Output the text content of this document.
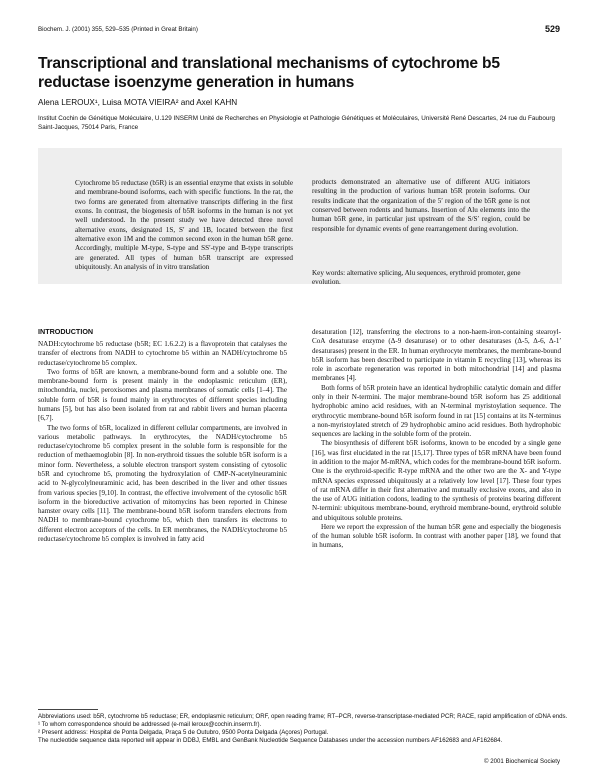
Biochem. J. (2001) 355, 529–535 (Printed in Great Britain)	529
Transcriptional and translational mechanisms of cytochrome b5 reductase isoenzyme generation in humans
Alena LEROUX¹, Luisa MOTA VIEIRA² and Axel KAHN
Institut Cochin de Génétique Moléculaire, U.129 INSERM Unité de Recherches en Physiologie et Pathologie Génétiques et Moléculaires, Université René Descartes, 24 rue du Faubourg Saint-Jacques, 75014 Paris, France
Cytochrome b5 reductase (b5R) is an essential enzyme that exists in soluble and membrane-bound isoforms, each with specific functions. In the rat, the two forms are generated from alternative transcripts differing in the first exons. In contrast, the biogenesis of b5R isoforms in the human is not yet well understood. In the present study we have detected three novel alternative exons, designated 1S, S′ and 1B, located between the first alternative exon 1M and the common second exon in the human b5R gene. Accordingly, multiple M-type, S-type and SS′-type and B-type transcripts are generated. All types of human b5R transcript are expressed ubiquitously. An analysis of in vitro translation
products demonstrated an alternative use of different AUG initiators resulting in the production of various human b5R protein isoforms. Our results indicate that the organization of the 5′ region of the b5R gene is not conserved between rodents and humans. Insertion of Alu elements into the human b5R gene, in particular just upstream of the S/S′ region, could be responsible for dynamic events of gene rearrangement during evolution.
Key words: alternative splicing, Alu sequences, erythroid promoter, gene evolution.
INTRODUCTION

NADH:cytochrome b5 reductase (b5R; EC 1.6.2.2) is a flavoprotein that catalyses the transfer of electrons from NADH to cytochrome b5 within an NADH/cytochrome b5 reductase/cytochrome b5 complex.

Two forms of b5R are known, a membrane-bound form and a soluble one. The membrane-bound form is present mainly in the endoplasmic reticulum (ER), mitochondria, nuclei, peroxisomes and plasma membranes of somatic cells [1–4]. The soluble form of b5R is found mainly in erythrocytes of different species including humans [5], but has also been isolated from rat and rabbit livers and human placenta [6,7].

The two forms of b5R, localized in different cellular compartments, are involved in various metabolic pathways. In erythrocytes, the NADH/cytochrome b5 reductase/cytochrome b5 complex present in the soluble form is responsible for the reduction of methaemoglobin [8]. In non-erythroid tissues the soluble b5R isoform is a minor form. Nevertheless, a soluble electron transport system consisting of cytosolic b5R and cytochrome b5, promoting the hydroxylation of CMP-N-acetylneuraminic acid to N-glycolylneuraminic acid, has been described in the liver and other tissues from various species [9,10]. In contrast, the effective involvement of the cytosolic b5R isoform in the bioreductive activation of mitomycins has been reported in Chinese hamster ovary cells [11]. The membrane-bound b5R isoform transfers electrons from NADH to membrane-bound cytochrome b5, which then transfers its electrons to different electron acceptors of the cells. In ER membranes, the NADH/cytochrome b5 reductase/cytochrome b5 complex is involved in fatty acid

desaturation [12], transferring the electrons to a non-haem-iron-containing stearoyl-CoA desaturase enzyme (Δ-9 desaturase) or to other desaturases (Δ-5, Δ-6, Δ-1′ desaturases) present in the ER. In human erythrocyte membranes, the membrane-bound b5R isoform has been described to participate in vitamin E recycling [13], whereas its role in ascorbate regeneration was reported in both mitochondrial [14] and plasma membranes [4].

Both forms of b5R protein have an identical hydrophilic catalytic domain and differ only in their N-termini. The major membrane-bound b5R isoform has 25 additional hydrophobic amino acid residues, with an N-terminal myristoylation sequence. The erythrocytic membrane-bound b5R isoform found in rat [15] contains at its N-terminus a non-myristoylated stretch of 29 hydrophobic amino acid residues. Both hydrophobic sequences are lacking in the soluble form of the protein.

The biosynthesis of different b5R isoforms, known to be encoded by a single gene [16], was first elucidated in the rat [15,17]. Three types of b5R mRNA have been found in addition to the major M-mRNA, which codes for the membrane-bound b5R isoform. One is the erythroid-specific R-type mRNA and the other two are the X- and Y-type mRNA species expressed ubiquitously at a relatively low level [17]. These four types of rat mRNA differ in their first alternative and mutually exclusive exons, and also in the use of AUG initiation codons, leading to the synthesis of proteins bearing different N-termini: ubiquitous membrane-bound, erythroid membrane-bound, erythroid soluble and ubiquitous soluble proteins.

Here we report the expression of the human b5R gene and especially the biogenesis of the human soluble b5R isoform. In contrast with another paper [18], we found that in humans,

Abbreviations used: b5R, cytochrome b5 reductase; ER, endoplasmic reticulum; ORF, open reading frame; RT–PCR, reverse-transcriptase-mediated PCR; RACE, rapid amplification of cDNA ends.
¹ To whom correspondence should be addressed (e-mail leroux@cochin.inserm.fr).
² Present address: Hospital de Ponta Delgada, Praça 5 de Outubro, 9500 Ponta Delgada (Açores) Portugal.
The nucleotide sequence data reported will appear in DDBJ, EMBL and GenBank Nucleotide Sequence Databases under the accession numbers AF162683 and AF162684.
© 2001 Biochemical Society
